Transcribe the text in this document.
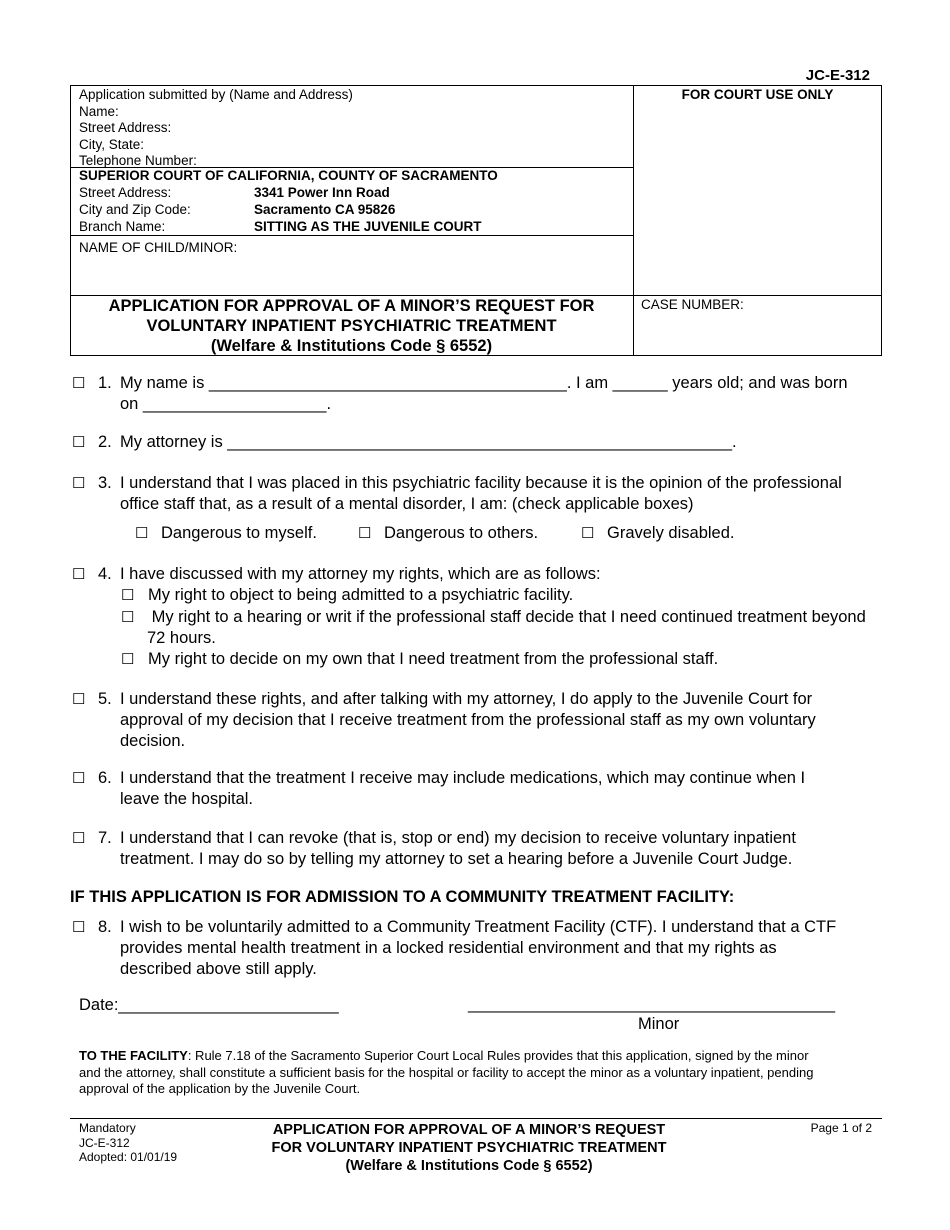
JC-E-312
Application submitted by (Name and Address)
Name:
Street Address:
City, State:
Telephone Number:
SUPERIOR COURT OF CALIFORNIA, COUNTY OF SACRAMENTO
Street Address:	3341 Power Inn Road
City and Zip Code:	Sacramento CA 95826
Branch Name:	SITTING AS THE JUVENILE COURT
NAME OF CHILD/MINOR:
FOR COURT USE ONLY
APPLICATION FOR APPROVAL OF A MINOR’S REQUEST FOR
VOLUNTARY INPATIENT PSYCHIATRIC TREATMENT
(Welfare & Institutions Code § 6552)
CASE NUMBER:
☐ 1. My name is _______________________________________. I am ______ years old; and was born
on ____________________.
☐ 2. My attorney is _______________________________________________________.
☐ 3. I understand that I was placed in this psychiatric facility because it is the opinion of the professional
office staff that, as a result of a mental disorder, I am: (check applicable boxes)
☐ Dangerous to myself.	☐ Dangerous to others.	☐ Gravely disabled.
☐ 4. I have discussed with my attorney my rights, which are as follows:
☐ My right to object to being admitted to a psychiatric facility.
☐ My right to a hearing or writ if the professional staff decide that I need continued treatment beyond
72 hours.
☐ My right to decide on my own that I need treatment from the professional staff.
☐ 5. I understand these rights, and after talking with my attorney, I do apply to the Juvenile Court for
approval of my decision that I receive treatment from the professional staff as my own voluntary
decision.
☐ 6. I understand that the treatment I receive may include medications, which may continue when I
leave the hospital.
☐ 7. I understand that I can revoke (that is, stop or end) my decision to receive voluntary inpatient
treatment. I may do so by telling my attorney to set a hearing before a Juvenile Court Judge.
IF THIS APPLICATION IS FOR ADMISSION TO A COMMUNITY TREATMENT FACILITY:
☐ 8. I wish to be voluntarily admitted to a Community Treatment Facility (CTF). I understand that a CTF
provides mental health treatment in a locked residential environment and that my rights as
described above still apply.
Date:________________________	________________________________________
Minor
TO THE FACILITY: Rule 7.18 of the Sacramento Superior Court Local Rules provides that this application, signed by the minor
and the attorney, shall constitute a sufficient basis for the hospital or facility to accept the minor as a voluntary inpatient, pending
approval of the application by the Juvenile Court.
Mandatory
JC-E-312
Adopted: 01/01/19
APPLICATION FOR APPROVAL OF A MINOR’S REQUEST
FOR VOLUNTARY INPATIENT PSYCHIATRIC TREATMENT
(Welfare & Institutions Code § 6552)
Page 1 of 2
